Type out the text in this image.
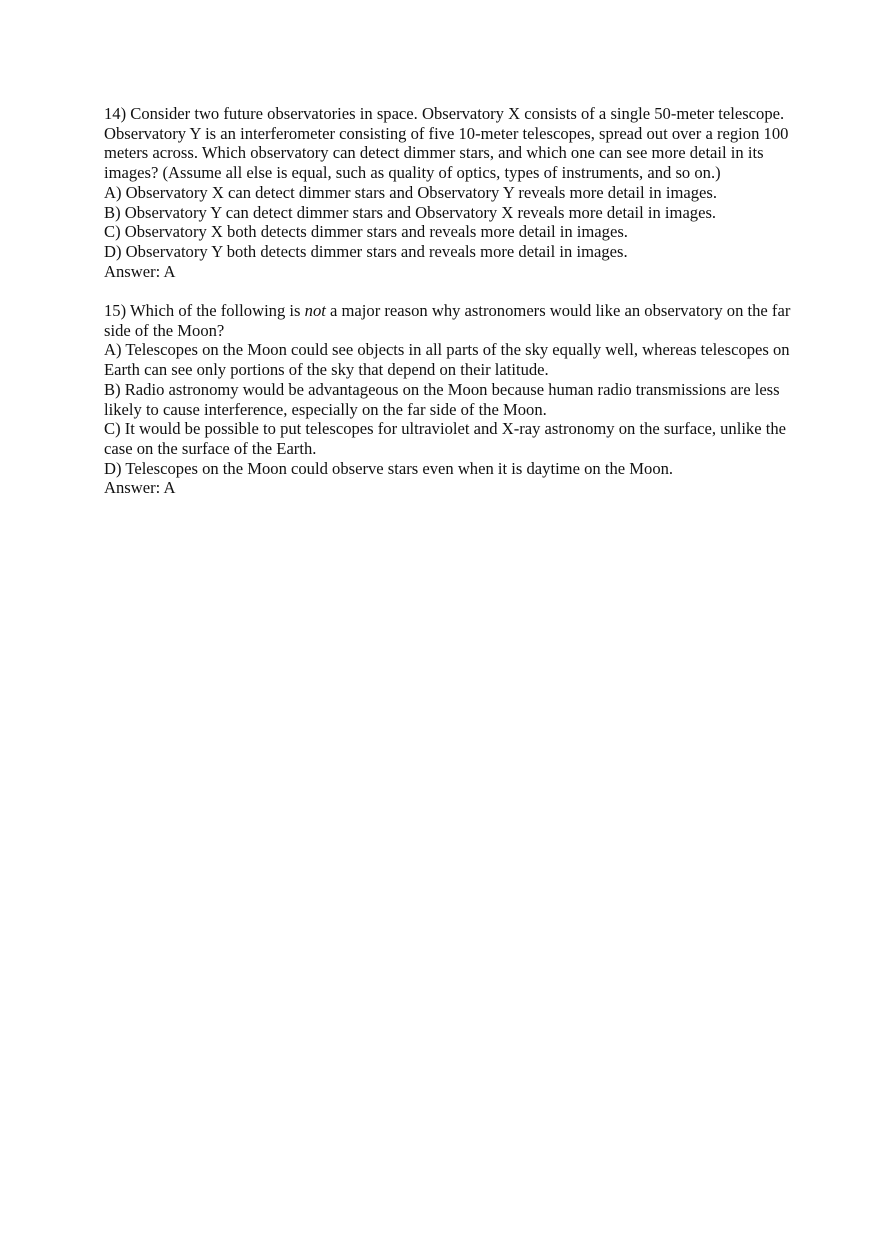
14) Consider two future observatories in space. Observatory X consists of a single 50-meter telescope. Observatory Y is an interferometer consisting of five 10-meter telescopes, spread out over a region 100 meters across. Which observatory can detect dimmer stars, and which one can see more detail in its images? (Assume all else is equal, such as quality of optics, types of instruments, and so on.)
A) Observatory X can detect dimmer stars and Observatory Y reveals more detail in images.
B) Observatory Y can detect dimmer stars and Observatory X reveals more detail in images.
C) Observatory X both detects dimmer stars and reveals more detail in images.
D) Observatory Y both detects dimmer stars and reveals more detail in images.
Answer: A
15) Which of the following is not a major reason why astronomers would like an observatory on the far side of the Moon?
A) Telescopes on the Moon could see objects in all parts of the sky equally well, whereas telescopes on Earth can see only portions of the sky that depend on their latitude.
B) Radio astronomy would be advantageous on the Moon because human radio transmissions are less likely to cause interference, especially on the far side of the Moon.
C) It would be possible to put telescopes for ultraviolet and X-ray astronomy on the surface, unlike the case on the surface of the Earth.
D) Telescopes on the Moon could observe stars even when it is daytime on the Moon.
Answer: A
